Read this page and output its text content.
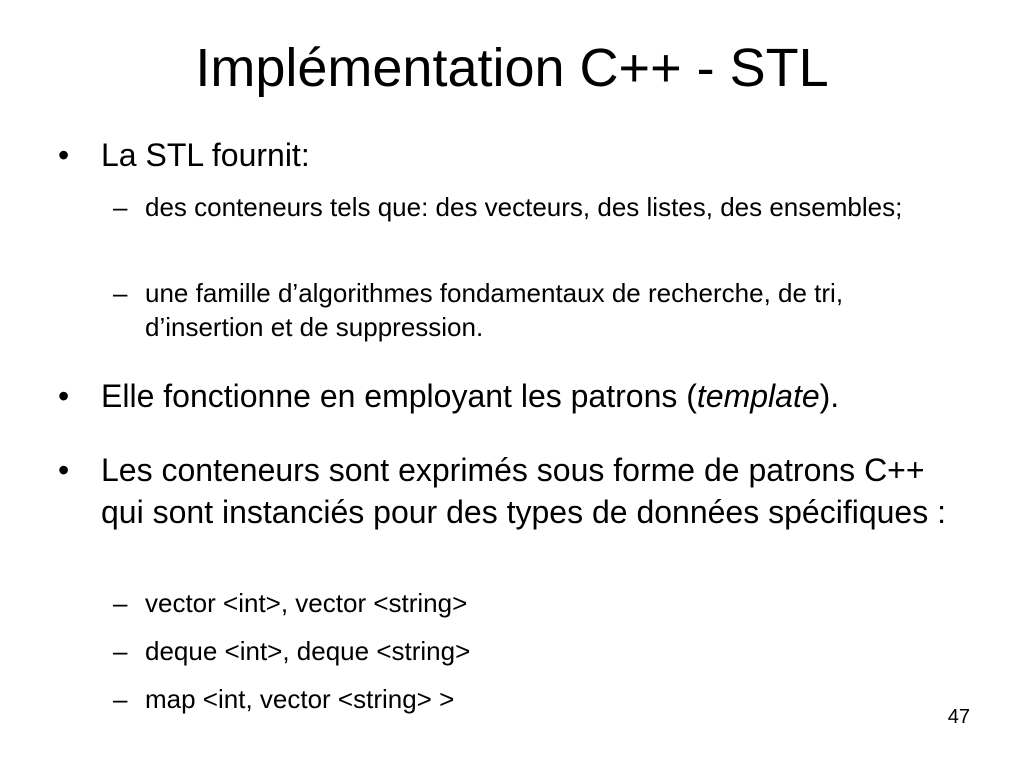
Implémentation C++ - STL
• La STL fournit:
– des conteneurs tels que: des vecteurs, des listes, des ensembles;
– une famille d’algorithmes fondamentaux de recherche, de tri, d’insertion et de suppression.
• Elle fonctionne en employant les patrons (template).
• Les conteneurs sont exprimés sous forme de patrons C++ qui sont instanciés pour des types de données spécifiques :
– vector <int>, vector <string>
– deque <int>, deque <string>
– map <int, vector <string> >
47
